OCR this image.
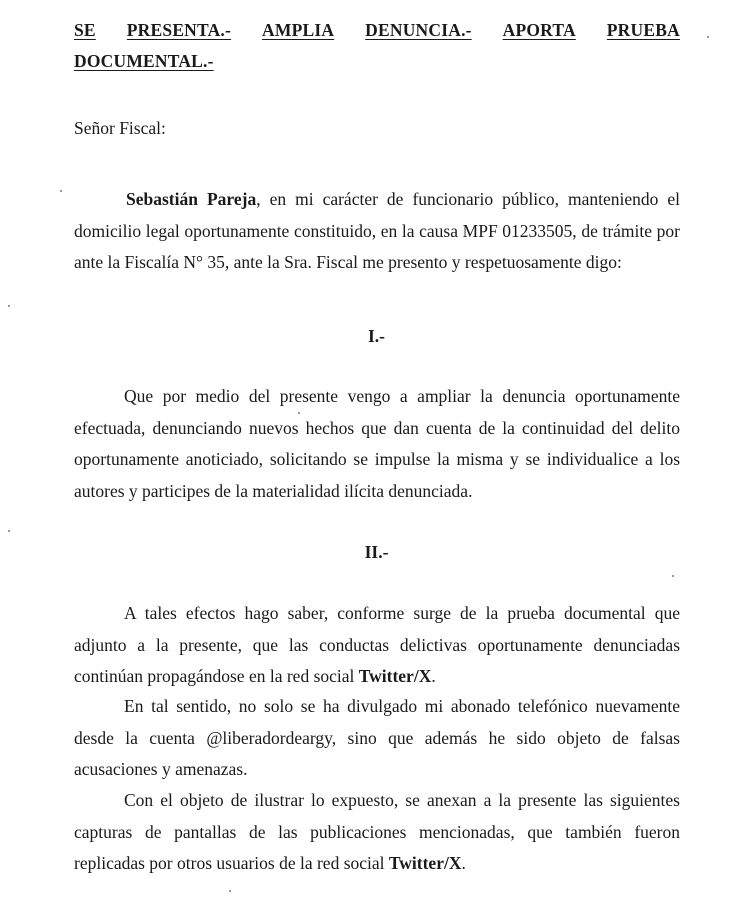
SE PRESENTA.- AMPLIA DENUNCIA.- APORTA PRUEBA
DOCUMENTAL.-
Señor Fiscal:
Sebastián Pareja, en mi carácter de funcionario público, manteniendo el domicilio legal oportunamente constituido, en la causa MPF 01233505, de trámite por ante la Fiscalía N° 35, ante la Sra. Fiscal me presento y respetuosamente digo:
I.-
Que por medio del presente vengo a ampliar la denuncia oportunamente efectuada, denunciando nuevos hechos que dan cuenta de la continuidad del delito oportunamente anoticiado, solicitando se impulse la misma y se individualice a los autores y participes de la materialidad ilícita denunciada.
II.-
A tales efectos hago saber, conforme surge de la prueba documental que adjunto a la presente, que las conductas delictivas oportunamente denunciadas continúan propagándose en la red social Twitter/X.
En tal sentido, no solo se ha divulgado mi abonado telefónico nuevamente desde la cuenta @liberadordeargy, sino que además he sido objeto de falsas acusaciones y amenazas.
Con el objeto de ilustrar lo expuesto, se anexan a la presente las siguientes capturas de pantallas de las publicaciones mencionadas, que también fueron replicadas por otros usuarios de la red social Twitter/X.
